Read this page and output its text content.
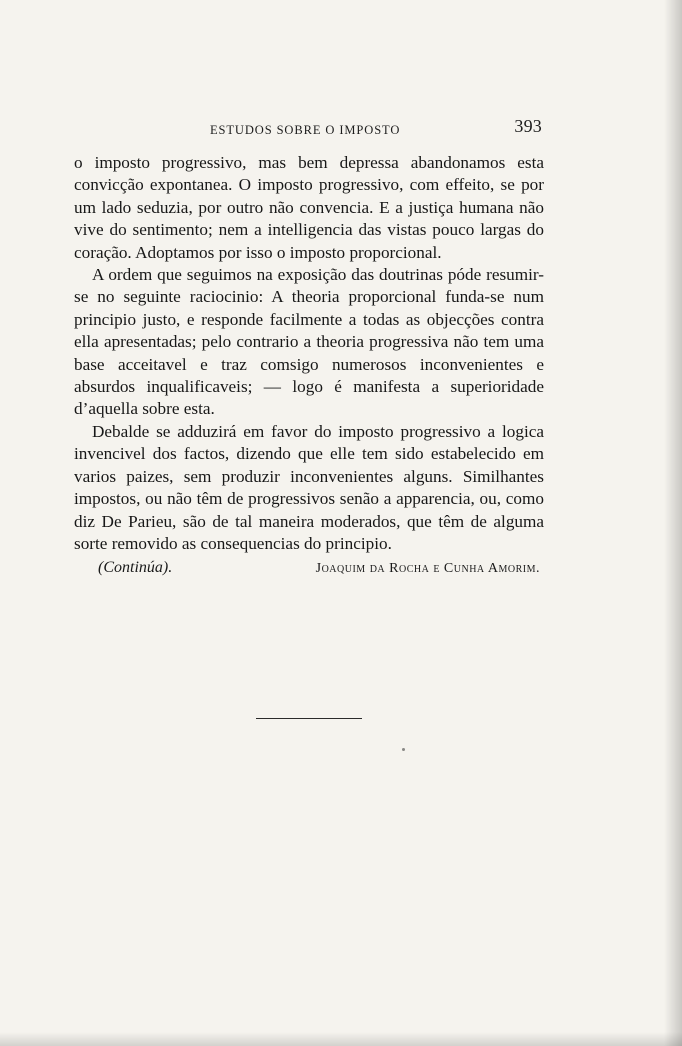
ESTUDOS SOBRE O IMPOSTO	393

o imposto progressivo, mas bem depressa abandonamos esta convicção expontanea. O imposto progressivo, com effeito, se por um lado seduzia, por outro não convencia. E a justiça humana não vive do sentimento; nem a intelligencia das vistas pouco largas do coração. Adoptamos por isso o imposto proporcional.

A ordem que seguimos na exposição das doutrinas póde resumir-se no seguinte raciocinio: A theoria proporcional funda-se num principio justo, e responde facilmente a todas as objecções contra ella apresentadas; pelo contrario a theoria progressiva não tem uma base acceitavel e traz comsigo numerosos inconvenientes e absurdos inqualificaveis; — logo é manifesta a superioridade d’aquella sobre esta.

Debalde se adduzirá em favor do imposto progressivo a logica invencivel dos factos, dizendo que elle tem sido estabelecido em varios paizes, sem produzir inconvenientes alguns. Similhantes impostos, ou não têm de progressivos senão a apparencia, ou, como diz De Parieu, são de tal maneira moderados, que têm de alguma sorte removido as consequencias do principio.

(Continúa).	Joaquim da Rocha e Cunha Amorim.
